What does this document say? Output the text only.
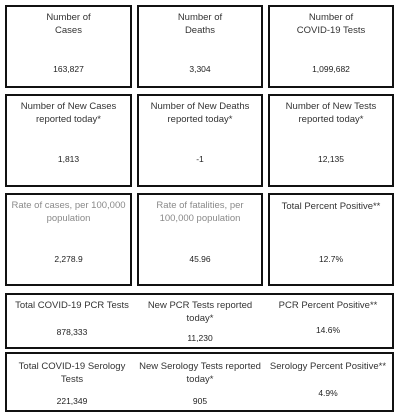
Number of
Cases
163,827
Number of
Deaths
3,304
Number of
COVID-19 Tests
1,099,682
Number of New Cases
reported today*
1,813
Number of New Deaths
reported today*
-1
Number of New Tests
reported today*
12,135
Rate of cases, per 100,000
population
2,278.9
Rate of fatalities, per
100,000 population
45.96
Total Percent Positive**
12.7%
Total COVID-19 PCR Tests
878,333
New PCR Tests reported
today*
11,230
PCR Percent Positive**
14.6%
Total COVID-19 Serology
Tests
221,349
New Serology Tests reported
today*
905
Serology Percent Positive**
4.9%
